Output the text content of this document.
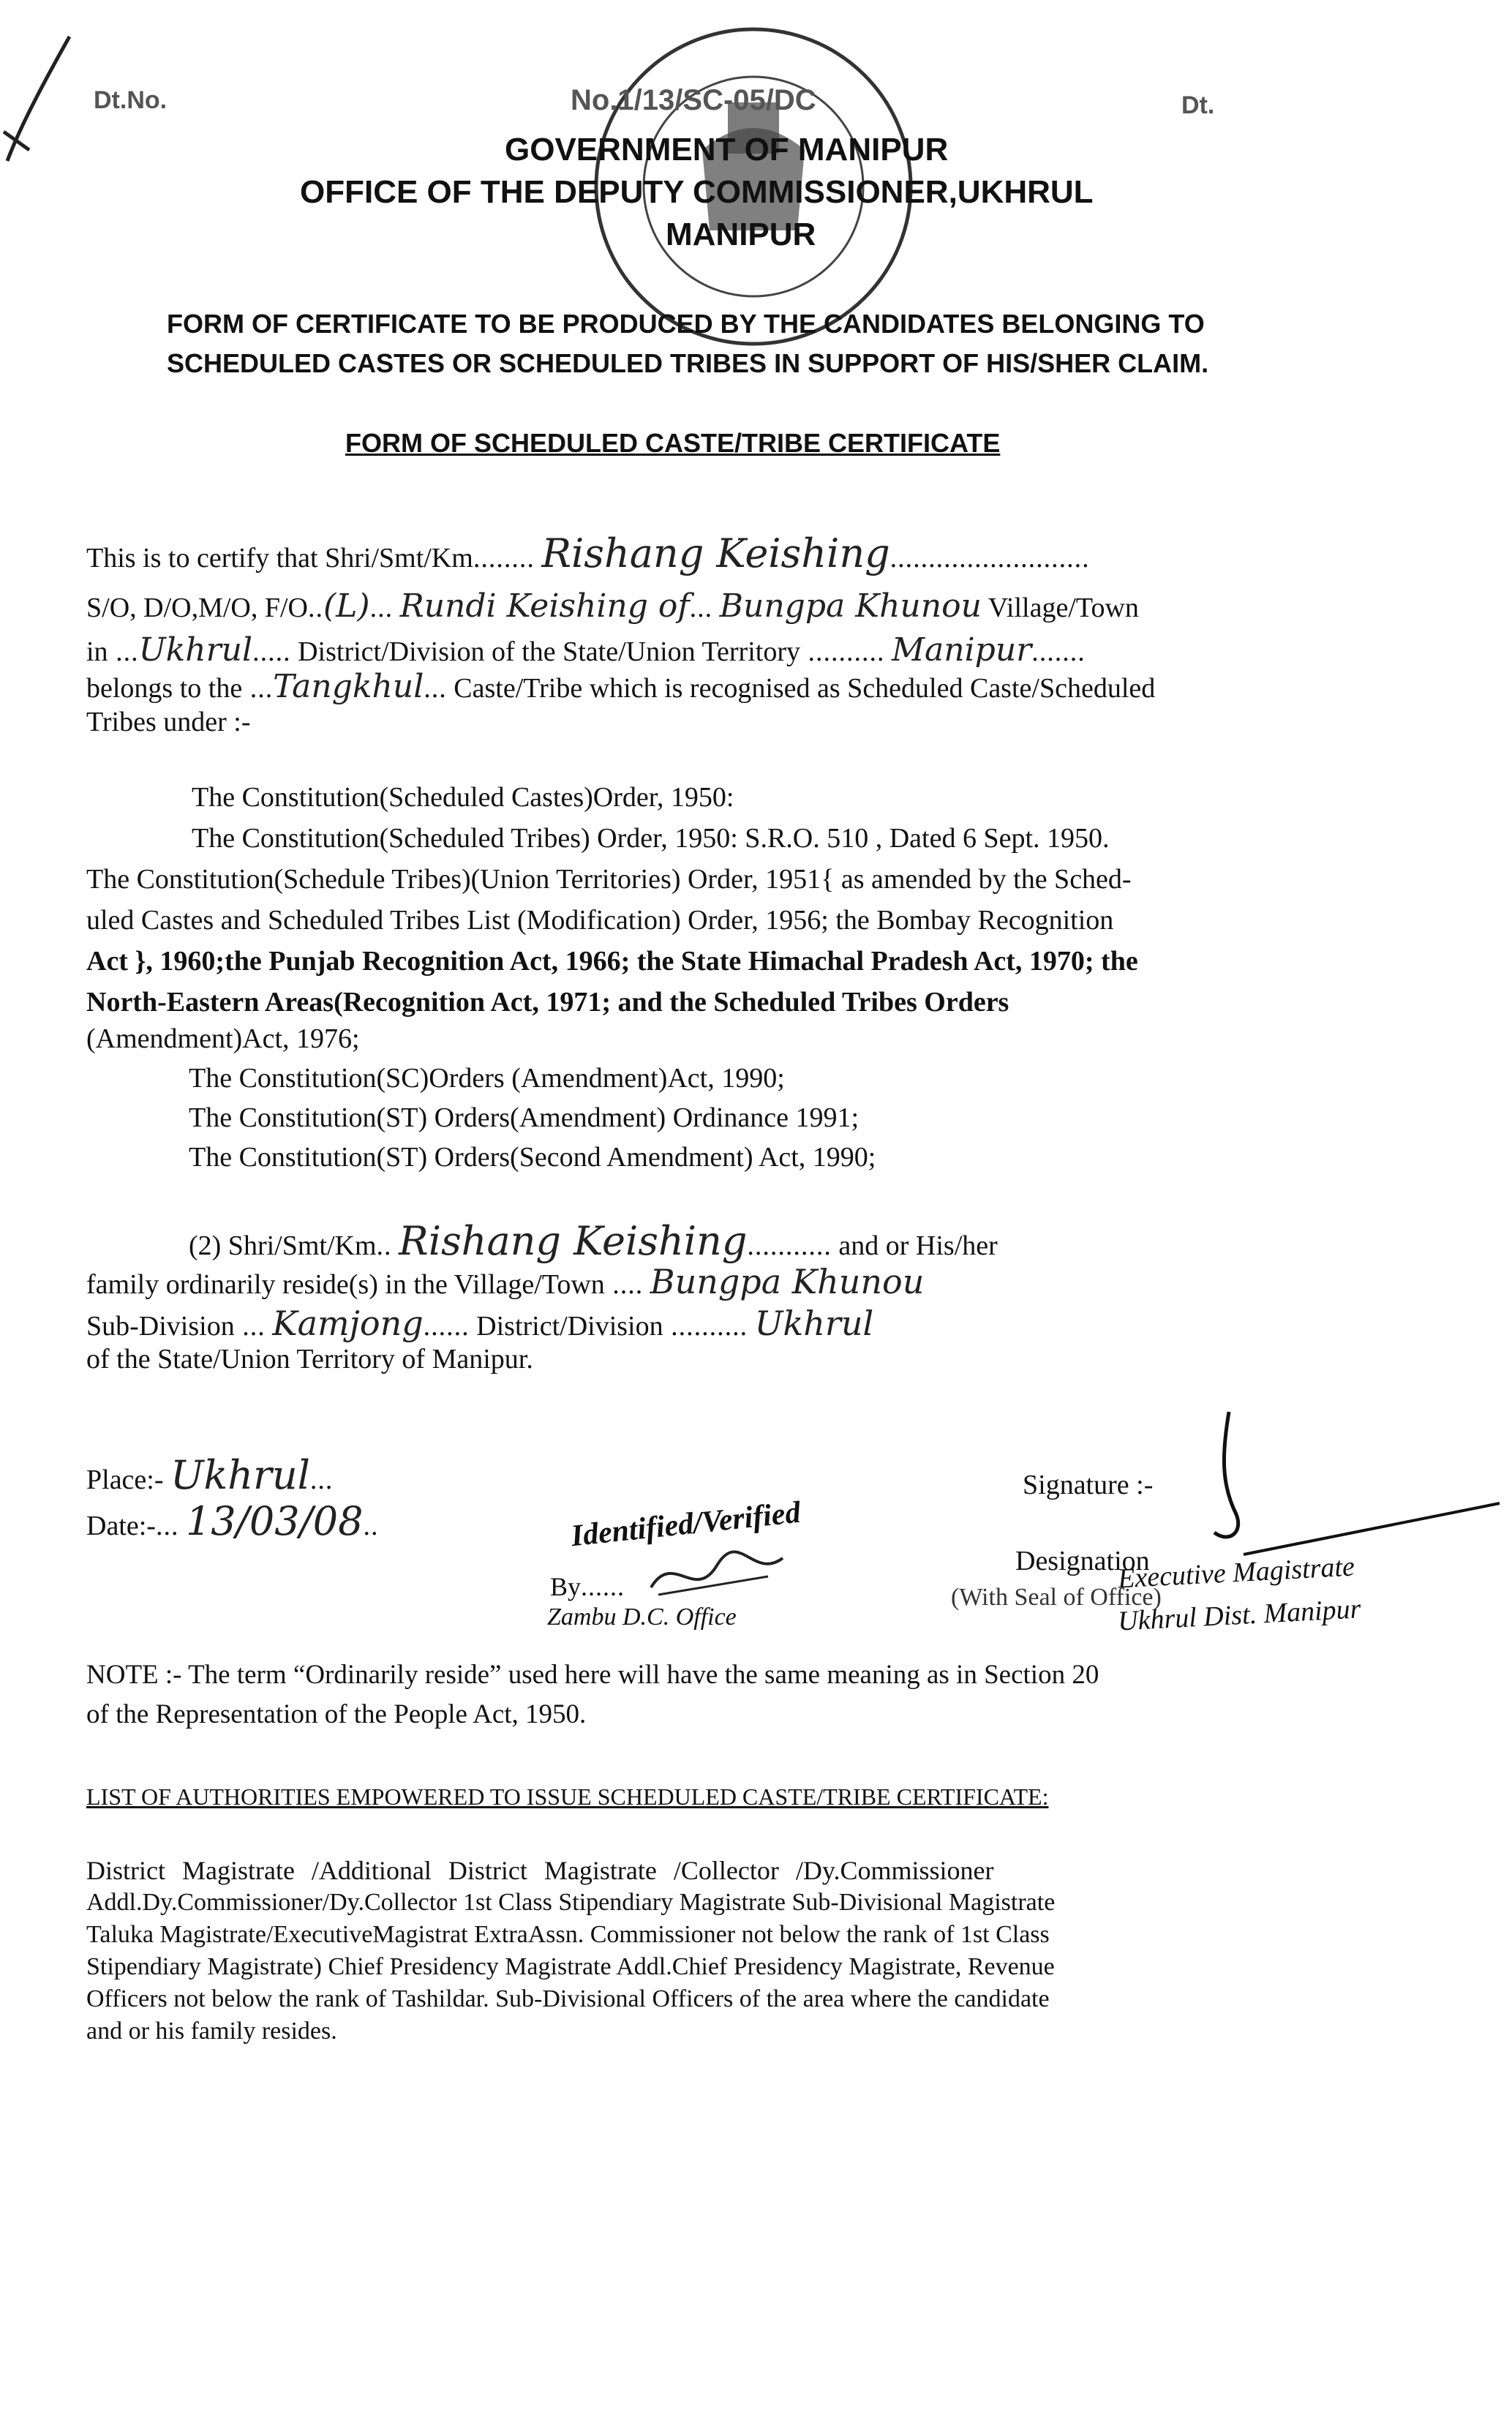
Dt.No.	No.1/13/SC-05/DC	Dt.
GOVERNMENT OF MANIPUR
OFFICE OF THE DEPUTY COMMISSIONER,UKHRUL
MANIPUR
FORM OF CERTIFICATE TO BE PRODUCED BY THE CANDIDATES BELONGING TO
SCHEDULED CASTES OR SCHEDULED TRIBES IN SUPPORT OF HIS/SHER CLAIM.
FORM OF SCHEDULED CASTE/TRIBE CERTIFICATE
This is to certify that Shri/Smt/Km........ Rishang Keishing..........................
S/O, D/O,M/O, F/O..(L)... Rundi Keishing of... Bungpa Khunou Village/Town
in ...Ukhrul..... District/Division of the State/Union Territory .......... Manipur.......
belongs to the ...Tangkhul... Caste/Tribe which is recognised as Scheduled Caste/Scheduled
Tribes under :-
The Constitution(Scheduled Castes)Order, 1950:
The Constitution(Scheduled Tribes) Order, 1950: S.R.O. 510 , Dated 6 Sept. 1950.
The Constitution(Schedule Tribes)(Union Territories) Order, 1951{ as amended by the Sched-
uled Castes and Scheduled Tribes List (Modification) Order, 1956; the Bombay Recognition
Act }, 1960;the Punjab Recognition Act, 1966; the State Himachal Pradesh Act, 1970; the
North-Eastern Areas(Recognition Act, 1971; and the Scheduled Tribes Orders
(Amendment)Act, 1976;
The Constitution(SC)Orders (Amendment)Act, 1990;
The Constitution(ST) Orders(Amendment) Ordinance 1991;
The Constitution(ST) Orders(Second Amendment) Act, 1990;
(2) Shri/Smt/Km.. Rishang Keishing........... and or His/her
family ordinarily reside(s) in the Village/Town .... Bungpa Khunou
Sub-Division ... Kamjong...... District/Division .......... Ukhrul
of the State/Union Territory of Manipur.
Place:- Ukhrul...
Date:-... 13/03/08..	Identified/Verified
By......
Zambu D.C. Office
Signature :-
Designation
(With Seal of Office)
Executive Magistrate
Ukhrul Dist. Manipur
NOTE :- The term “Ordinarily reside” used here will have the same meaning as in Section 20
of the Representation of the People Act, 1950.
LIST OF AUTHORITIES EMPOWERED TO ISSUE SCHEDULED CASTE/TRIBE CERTIFICATE:
District Magistrate /Additional District Magistrate /Collector /Dy.Commissioner
Addl.Dy.Commissioner/Dy.Collector 1st Class Stipendiary Magistrate Sub-Divisional Magistrate
Taluka Magistrate/ExecutiveMagistrat ExtraAssn. Commissioner not below the rank of 1st Class
Stipendiary Magistrate) Chief Presidency Magistrate Addl.Chief Presidency Magistrate, Revenue
Officers not below the rank of Tashildar. Sub-Divisional Officers of the area where the candidate
and or his family resides.
